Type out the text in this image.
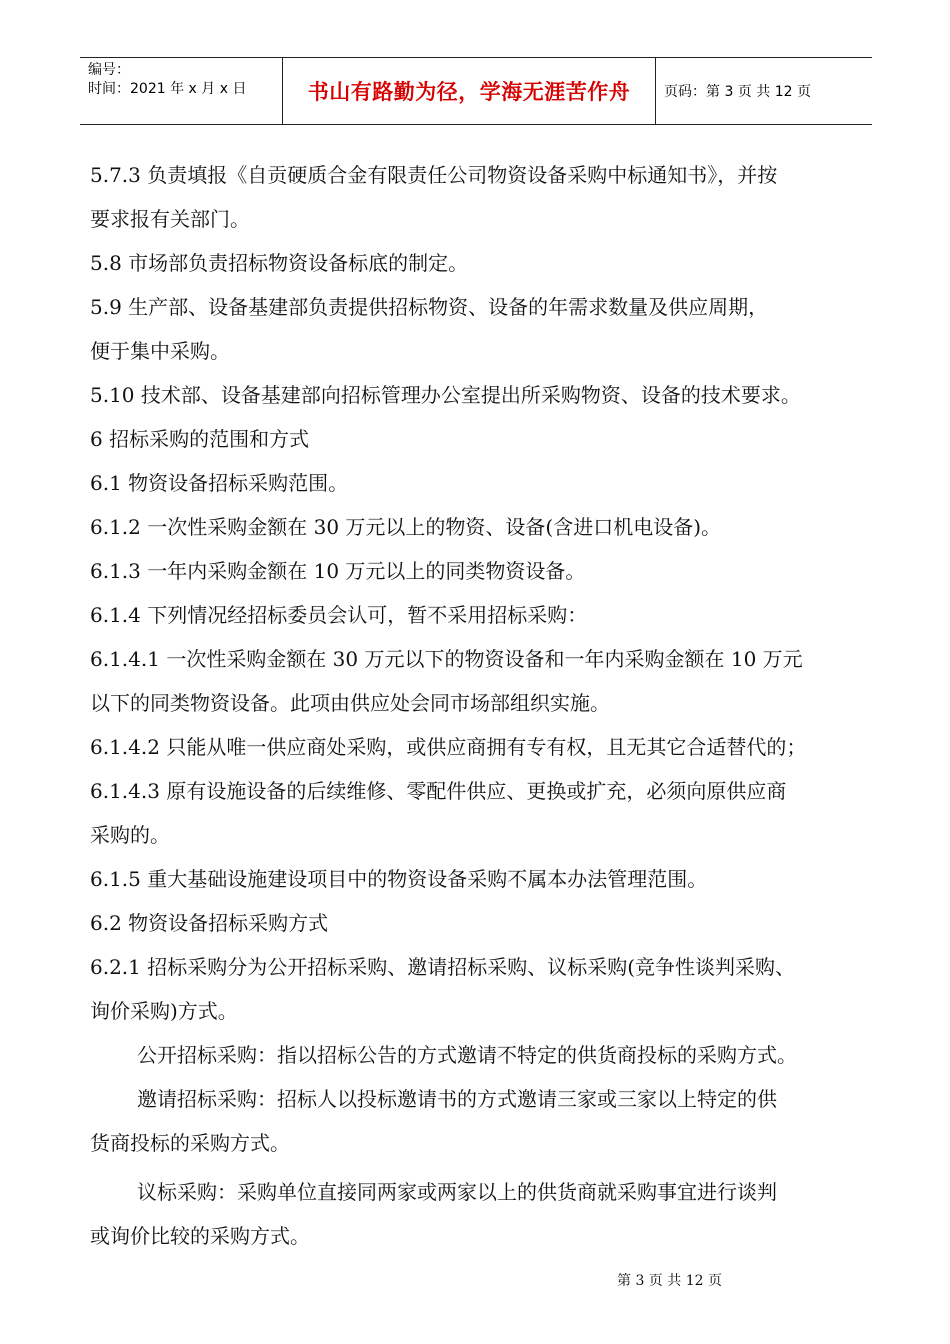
编号：
时间：2021 年 x 月 x 日	书山有路勤为径，学海无涯苦作舟 页码：第 3 页 共 12 页

5.7.3 负责填报《自贡硬质合金有限责任公司物资设备采购中标通知书》，并按

要求报有关部门。

5.8 市场部负责招标物资设备标底的制定。

5.9 生产部、设备基建部负责提供招标物资、设备的年需求数量及供应周期，

便于集中采购。

5.10 技术部、设备基建部向招标管理办公室提出所采购物资、设备的技术要求。

6 招标采购的范围和方式

6.1 物资设备招标采购范围。

6.1.2 一次性采购金额在 30 万元以上的物资、设备(含进口机电设备)。

6.1.3 一年内采购金额在 10 万元以上的同类物资设备。

6.1.4 下列情况经招标委员会认可，暂不采用招标采购：

6.1.4.1 一次性采购金额在 30 万元以下的物资设备和一年内采购金额在 10 万元

以下的同类物资设备。此项由供应处会同市场部组织实施。

6.1.4.2 只能从唯一供应商处采购，或供应商拥有专有权，且无其它合适替代的；

6.1.4.3 原有设施设备的后续维修、零配件供应、更换或扩充，必须向原供应商

采购的。

6.1.5 重大基础设施建设项目中的物资设备采购不属本办法管理范围。

6.2 物资设备招标采购方式

6.2.1 招标采购分为公开招标采购、邀请招标采购、议标采购(竞争性谈判采购、

询价采购)方式。

公开招标采购：指以招标公告的方式邀请不特定的供货商投标的采购方式。

邀请招标采购：招标人以投标邀请书的方式邀请三家或三家以上特定的供

货商投标的采购方式。

议标采购：采购单位直接同两家或两家以上的供货商就采购事宜进行谈判

或询价比较的采购方式。

第 3 页 共 12 页
